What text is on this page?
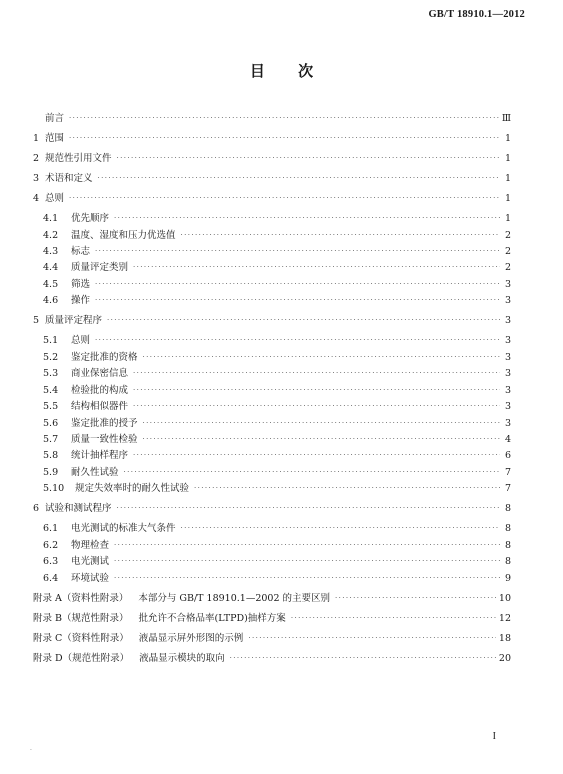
GB/T 18910.1—2012
目 次
前言 ·····	Ⅲ
1 范围 ·····	1
2 规范性引用文件 ·····	1
3 术语和定义 ·····	1
4 总则 ·····	1
4.1	优先顺序 ·····	1
4.2	温度、湿度和压力优选值 ·····	2
4.3	标志 ·····	2
4.4	质量评定类别 ·····	2
4.5	筛选 ·····	3
4.6	操作 ·····	3
5 质量评定程序 ·····	3
5.1	总则 ·····	3
5.2	鉴定批准的资格 ·····	3
5.3	商业保密信息 ·····	3
5.4	检验批的构成 ·····	3
5.5	结构相似器件 ·····	3
5.6	鉴定批准的授予 ·····	3
5.7	质量一致性检验 ·····	4
5.8	统计抽样程序 ·····	6
5.9	耐久性试验 ·····	7
5.10	规定失效率时的耐久性试验 ·····	7
6 试验和测试程序 ·····	8
6.1	电光测试的标准大气条件 ·····	8
6.2	物理检查 ·····	8
6.3	电光测试 ·····	8
6.4	环境试验 ·····	9
附录 A（资料性附录）	本部分与 GB/T 18910.1—2002 的主要区别 ·····	10
附录 B（规范性附录）	批允许不合格品率(LTPD)抽样方案 ·····	12
附录 C（资料性附录）	液晶显示屏外形图的示例 ·····	18
附录 D（规范性附录）	液晶显示模块的取向 ·····	20
I
.
